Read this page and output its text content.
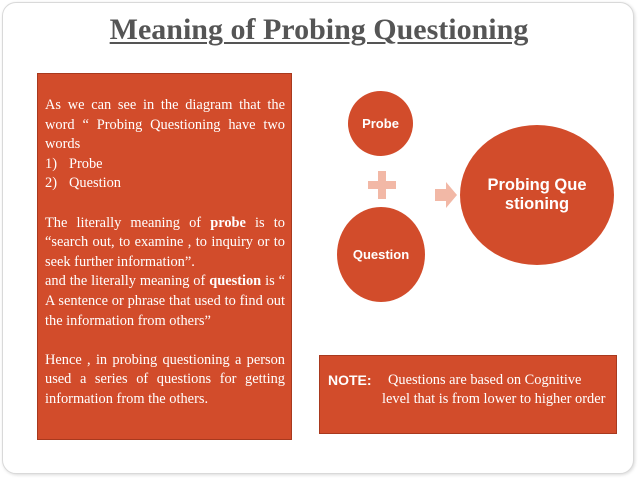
Meaning of Probing Questioning

As we can see in the diagram that the word “ Probing Questioning have two words

1) Probe
2) Question

The literally meaning of probe is to “search out, to examine , to inquiry or to seek further information”.

and the literally meaning of question is “ A sentence or phrase that used to find out the information from others”

Hence , in probing questioning a person used a series of questions for getting information from the others.

Probe
Question
Probing Questioning
NOTE:	Questions are based on Cognitive level that is from lower to higher order
